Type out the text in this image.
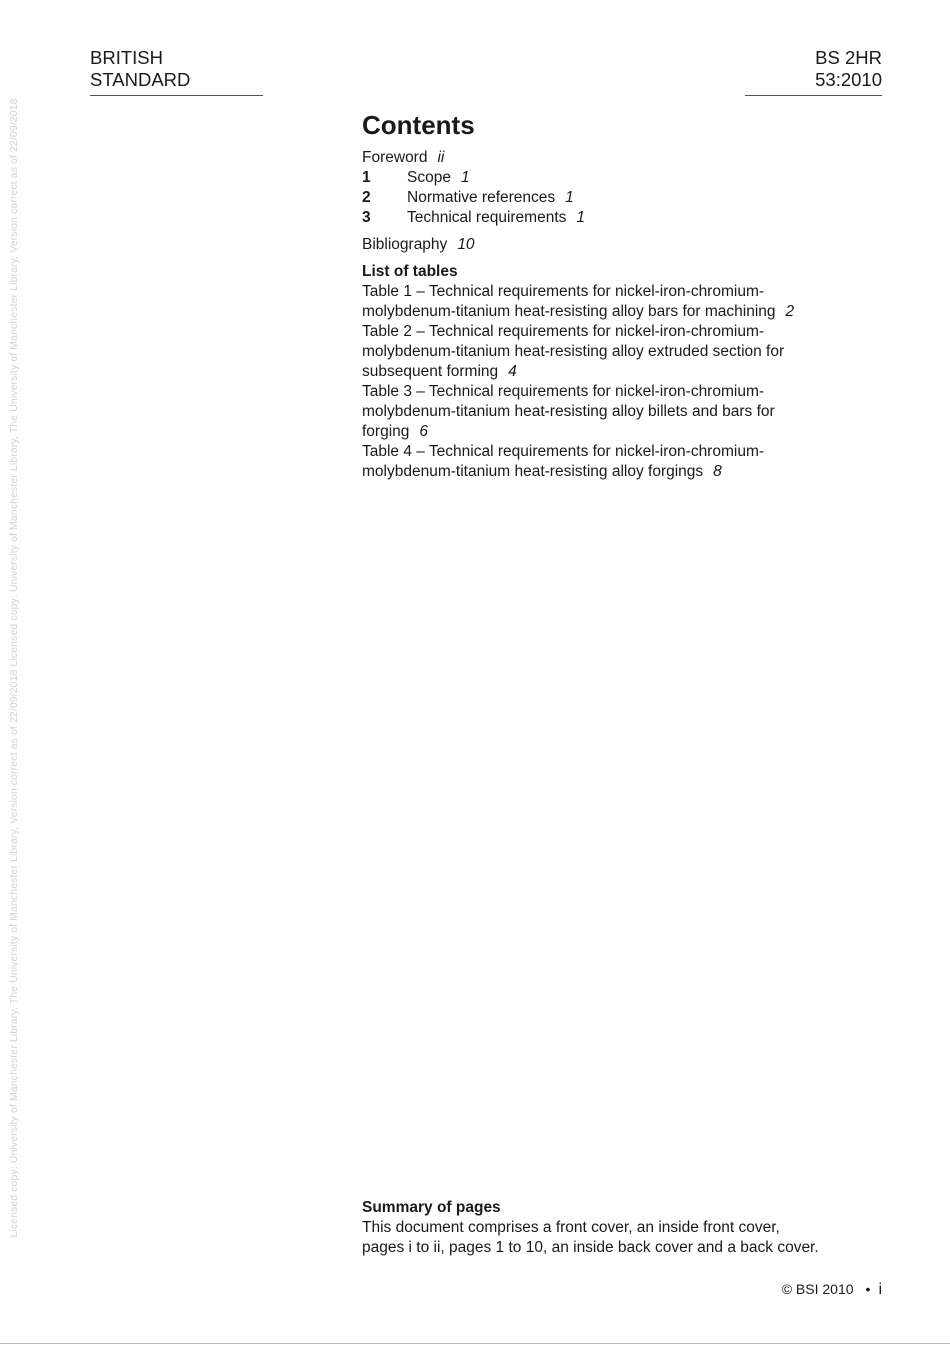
Licensed copy: University of Manchester Library, The University of Manchester Library, Version correct as of 22/09/2018 Licensed copy: University of Manchester Library, The University of Manchester Library, Version correct as of 22/09/2018
BRITISH STANDARD
BS 2HR 53:2010
Contents
Foreword ii
1 Scope 1
2 Normative references 1
3 Technical requirements 1
Bibliography 10
List of tables
Table 1 – Technical requirements for nickel-iron-chromium-
molybdenum-titanium heat-resisting alloy bars for machining 2
Table 2 – Technical requirements for nickel-iron-chromium-
molybdenum-titanium heat-resisting alloy extruded section for
subsequent forming 4
Table 3 – Technical requirements for nickel-iron-chromium-
molybdenum-titanium heat-resisting alloy billets and bars for
forging 6
Table 4 – Technical requirements for nickel-iron-chromium-
molybdenum-titanium heat-resisting alloy forgings 8
Summary of pages
This document comprises a front cover, an inside front cover,
pages i to ii, pages 1 to 10, an inside back cover and a back cover.
© BSI 2010 • i
